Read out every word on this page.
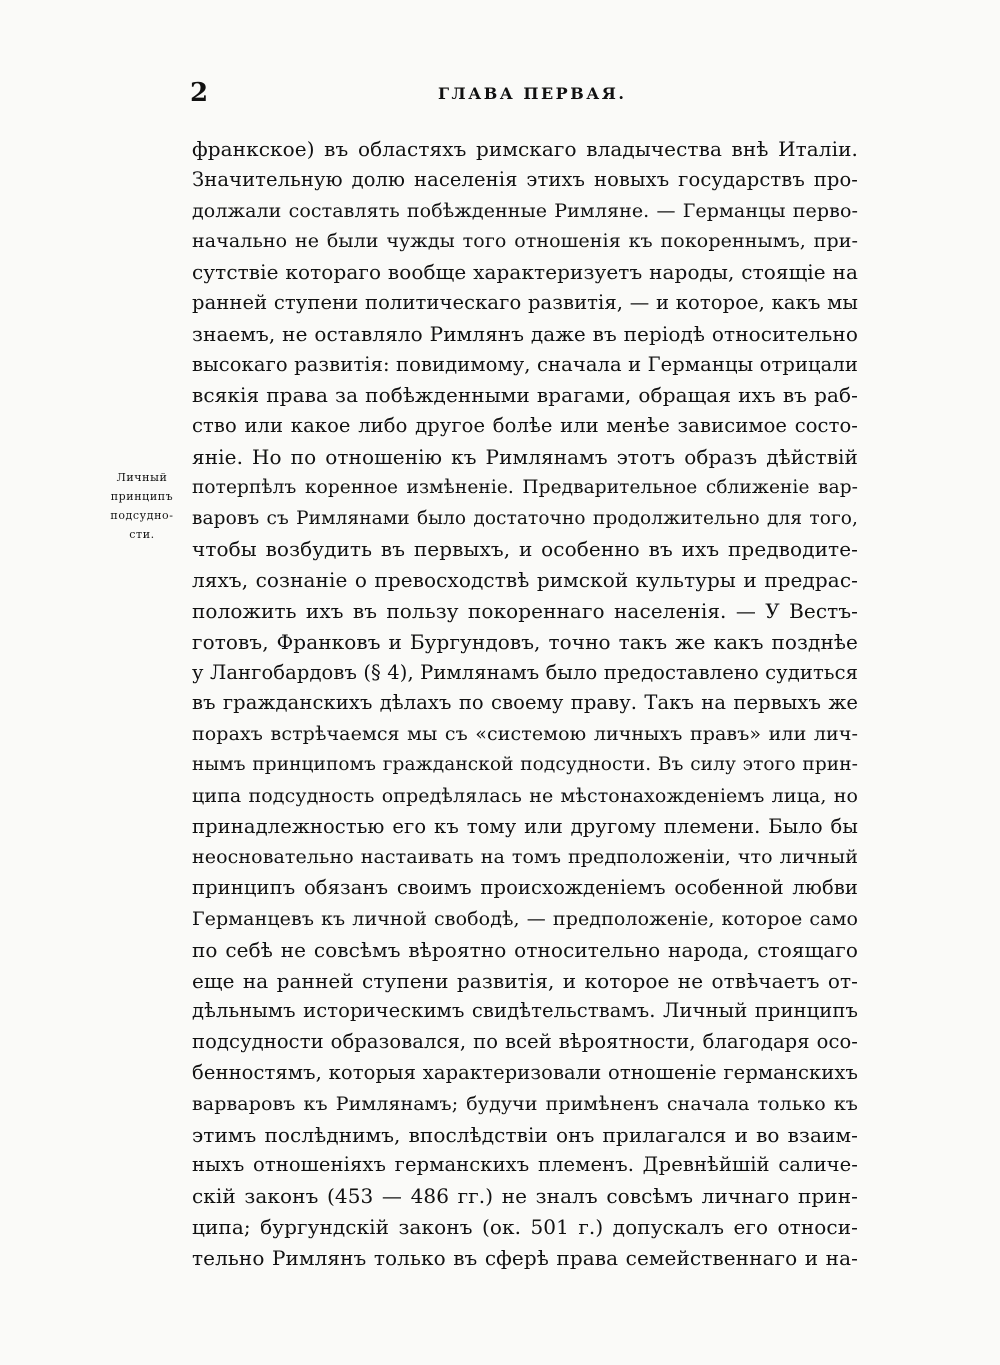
2	ГЛАВА ПЕРВАЯ.
Личный
принципъ
подсудно-
сти.
франкское) въ областяхъ римскаго владычества внѣ Италіи.
Значительную долю населенія этихъ новыхъ государствъ про-
должали составлять побѣжденные Римляне. — Германцы перво-
начально не были чужды того отношенія къ покореннымъ, при-
сутствіе котораго вообще характеризуетъ народы, стоящіе на
ранней ступени политическаго развитія, — и которое, какъ мы
знаемъ, не оставляло Римлянъ даже въ періодѣ относительно
высокаго развитія: повидимому, сначала и Германцы отрицали
всякія права за побѣжденными врагами, обращая ихъ въ раб-
ство или какое либо другое болѣе или менѣе зависимое состо-
яніе. Но по отношенію къ Римлянамъ этотъ образъ дѣйствій
потерпѣлъ коренное измѣненіе. Предварительное сближеніе вар-
варовъ съ Римлянами было достаточно продолжительно для того,
чтобы возбудить въ первыхъ, и особенно въ ихъ предводите-
ляхъ, сознаніе о превосходствѣ римской культуры и предрас-
положить ихъ въ пользу покореннаго населенія. — У Вестъ-
готовъ, Франковъ и Бургундовъ, точно такъ же какъ позднѣе
у Лангобардовъ (§ 4), Римлянамъ было предоставлено судиться
въ гражданскихъ дѣлахъ по своему праву. Такъ на первыхъ же
порахъ встрѣчаемся мы съ «системою личныхъ правъ» или лич-
нымъ принципомъ гражданской подсудности. Въ силу этого прин-
ципа подсудность опредѣлялась не мѣстонахожденіемъ лица, но
принадлежностью его къ тому или другому племени. Было бы
неосновательно настаивать на томъ предположеніи, что личный
принципъ обязанъ своимъ происхожденіемъ особенной любви
Германцевъ къ личной свободѣ, — предположеніе, которое само
по себѣ не совсѣмъ вѣроятно относительно народа, стоящаго
еще на ранней ступени развитія, и которое не отвѣчаетъ от-
дѣльнымъ историческимъ свидѣтельствамъ. Личный принципъ
подсудности образовался, по всей вѣроятности, благодаря осо-
бенностямъ, которыя характеризовали отношеніе германскихъ
варваровъ къ Римлянамъ; будучи примѣненъ сначала только къ
этимъ послѣднимъ, впослѣдствіи онъ прилагался и во взаим-
ныхъ отношеніяхъ германскихъ племенъ. Древнѣйшій саличе-
скій законъ (453 — 486 гг.) не зналъ совсѣмъ личнаго прин-
ципа; бургундскій законъ (ок. 501 г.) допускалъ его относи-
тельно Римлянъ только въ сферѣ права семейственнаго и на-
